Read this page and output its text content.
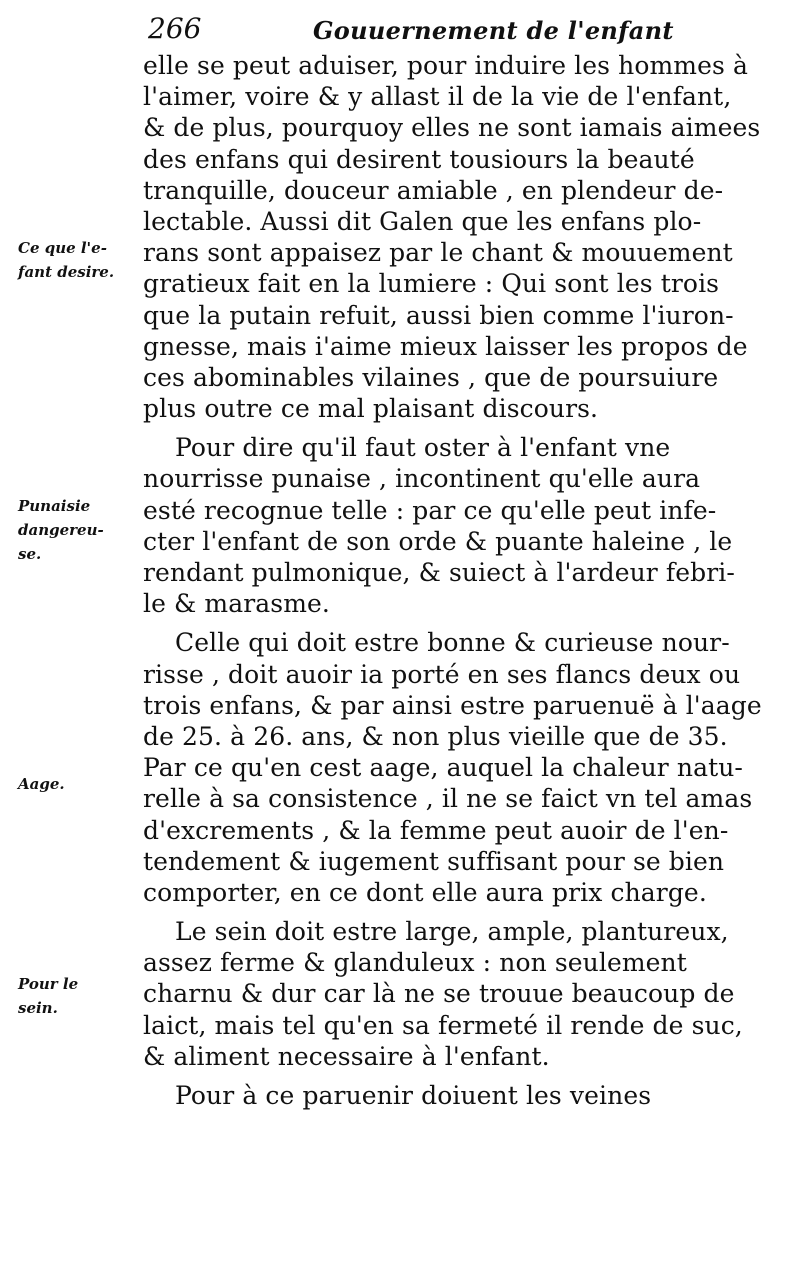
266	Gouuernement de l'enfant
Ce que l'e-
fant desire.
Punaisie
dangereu-
se.
Aage.
Pour le
sein.
elle se peut aduiser, pour induire les hommes à
l'aimer, voire & y allast il de la vie de l'enfant,
& de plus, pourquoy elles ne sont iamais aimees
des enfans qui desirent tousiours la beauté
tranquille, douceur amiable , en plendeur de-
lectable. Aussi dit Galen que les enfans plo-
rans sont appaisez par le chant & mouuement
gratieux fait en la lumiere : Qui sont les trois
que la putain refuit, aussi bien comme l'iuron-
gnesse, mais i'aime mieux laisser les propos de
ces abominables vilaines , que de poursuiure
plus outre ce mal plaisant discours.
Pour dire qu'il faut oster à l'enfant vne
nourrisse punaise , incontinent qu'elle aura
esté recognue telle : par ce qu'elle peut infe-
cter l'enfant de son orde & puante haleine , le
rendant pulmonique, & suiect à l'ardeur febri-
le & marasme.
Celle qui doit estre bonne & curieuse nour-
risse , doit auoir ia porté en ses flancs deux ou
trois enfans, & par ainsi estre paruenuë à l'aage
de 25. à 26. ans, & non plus vieille que de 35.
Par ce qu'en cest aage, auquel la chaleur natu-
relle à sa consistence , il ne se faict vn tel amas
d'excrements , & la femme peut auoir de l'en-
tendement & iugement suffisant pour se bien
comporter, en ce dont elle aura prix charge.
Le sein doit estre large, ample, plantureux,
assez ferme & glanduleux : non seulement
charnu & dur car là ne se trouue beaucoup de
laict, mais tel qu'en sa fermeté il rende de suc,
& aliment necessaire à l'enfant.
Pour à ce paruenir doiuent les veines
